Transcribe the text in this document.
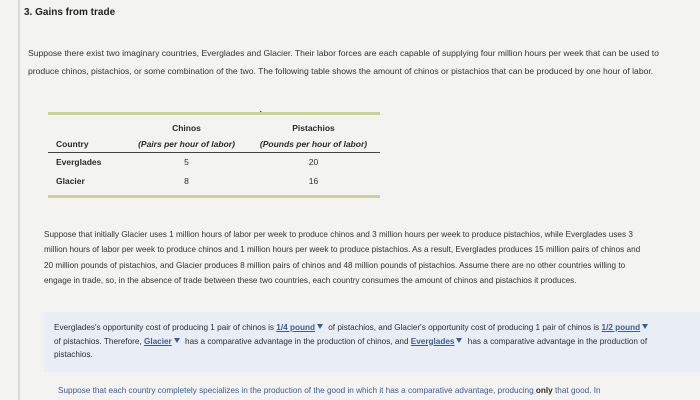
3. Gains from trade
Suppose there exist two imaginary countries, Everglades and Glacier. Their labor forces are each capable of supplying four million hours per week that can be used to produce chinos, pistachios, or some combination of the two. The following table shows the amount of chinos or pistachios that can be produced by one hour of labor.
	Chinos	Pistachios
Country	(Pairs per hour of labor)	(Pounds per hour of labor)
Everglades	5	20
Glacier	8	16
Suppose that initially Glacier uses 1 million hours of labor per week to produce chinos and 3 million hours per week to produce pistachios, while Everglades uses 3 million hours of labor per week to produce chinos and 1 million hours per week to produce pistachios. As a result, Everglades produces 15 million pairs of chinos and 20 million pounds of pistachios, and Glacier produces 8 million pairs of chinos and 48 million pounds of pistachios. Assume there are no other countries willing to engage in trade, so, in the absence of trade between these two countries, each country consumes the amount of chinos and pistachios it produces.

Everglades's opportunity cost of producing 1 pair of chinos is 1/4 pound of pistachios, and Glacier's opportunity cost of producing 1 pair of chinos is 1/2 pound of pistachios. Therefore, Glacier has a comparative advantage in the production of chinos, and Everglades has a comparative advantage in the production of pistachios.

Suppose that each country completely specializes in the production of the good in which it has a comparative advantage, producing only that good. In
